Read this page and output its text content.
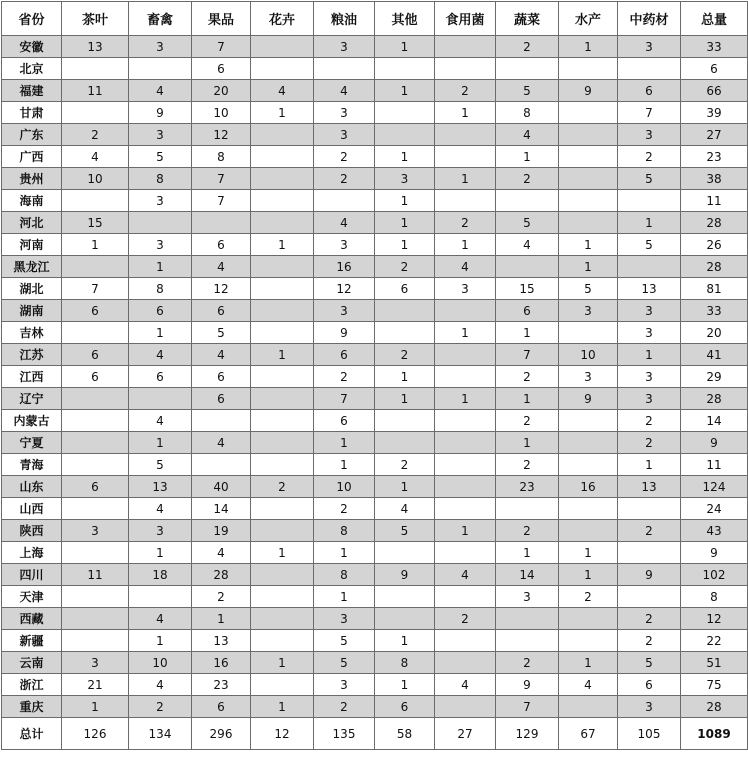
省份	茶叶	畜禽	果品	花卉	粮油	其他	食用菌	蔬菜	水产	中药材	总量
安徽	13	3	7		3	1		2	1	3	33
北京			6								6
福建	11	4	20	4	4	1	2	5	9	6	66
甘肃		9	10	1	3		1	8		7	39
广东	2	3	12		3			4		3	27
广西	4	5	8		2	1		1		2	23
贵州	10	8	7		2	3	1	2		5	38
海南		3	7			1					11
河北	15				4	1	2	5		1	28
河南	1	3	6	1	3	1	1	4	1	5	26
黑龙江		1	4		16	2	4		1		28
湖北	7	8	12		12	6	3	15	5	13	81
湖南	6	6	6		3			6	3	3	33
吉林		1	5		9		1	1		3	20
江苏	6	4	4	1	6	2		7	10	1	41
江西	6	6	6		2	1		2	3	3	29
辽宁			6		7	1	1	1	9	3	28
内蒙古		4			6			2		2	14
宁夏		1	4		1			1		2	9
青海		5			1	2		2		1	11
山东	6	13	40	2	10	1		23	16	13	124
山西		4	14		2	4					24
陕西	3	3	19		8	5	1	2		2	43
上海		1	4	1	1			1	1		9
四川	11	18	28		8	9	4	14	1	9	102
天津			2		1			3	2		8
西藏		4	1		3		2			2	12
新疆		1	13		5	1				2	22
云南	3	10	16	1	5	8		2	1	5	51
浙江	21	4	23		3	1	4	9	4	6	75
重庆	1	2	6	1	2	6		7		3	28
总计	126	134	296	12	135	58	27	129	67	105	1089
